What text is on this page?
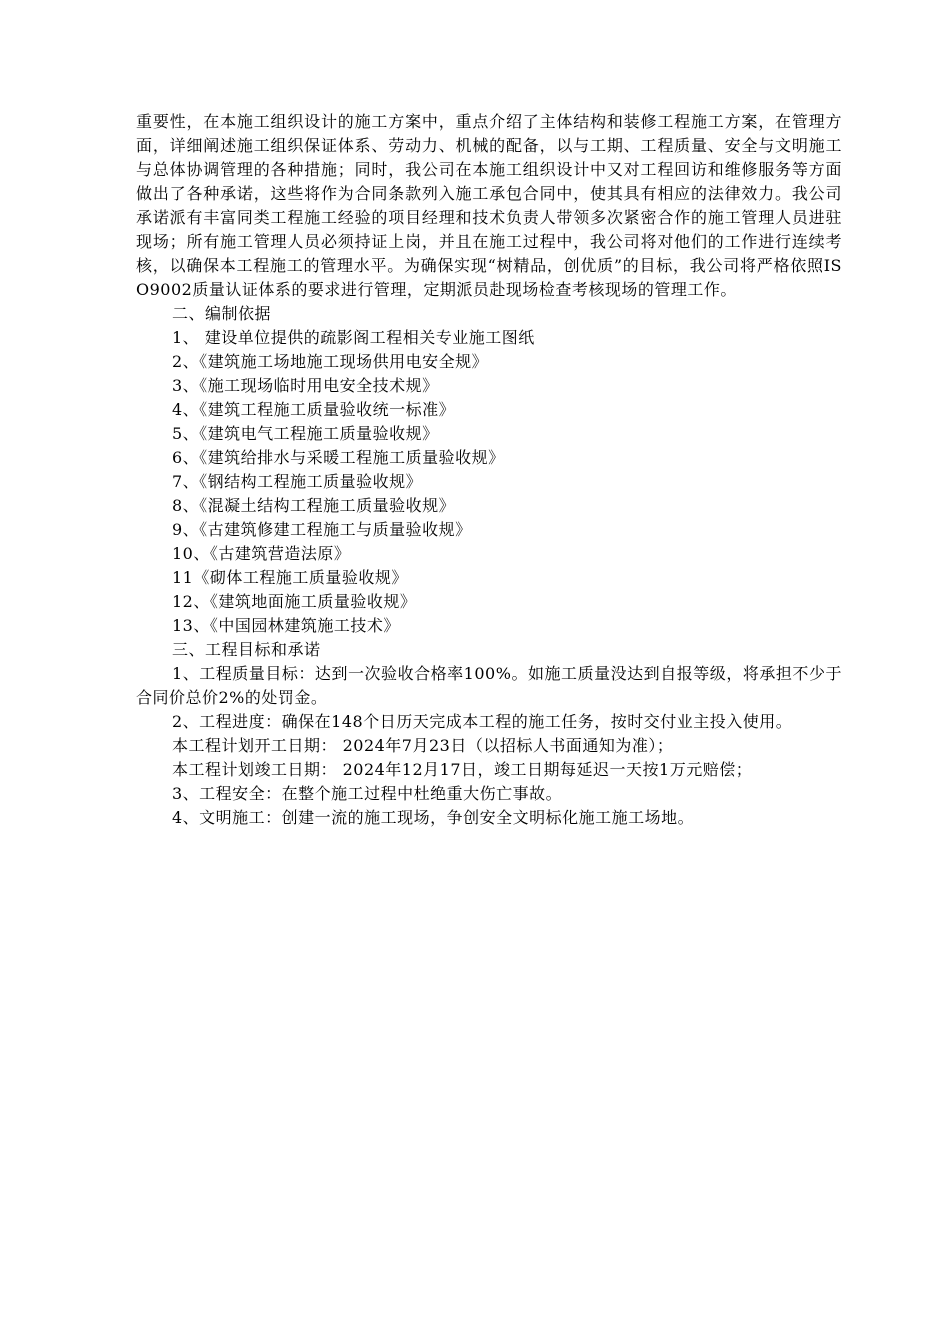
重要性，在本施工组织设计的施工方案中，重点介绍了主体结构和装修工程施工方案，在管理方面，详细阐述施工组织保证体系、劳动力、机械的配备，以与工期、工程质量、安全与文明施工与总体协调管理的各种措施；同时，我公司在本施工组织设计中又对工程回访和维修服务等方面做出了各种承诺，这些将作为合同条款列入施工承包合同中，使其具有相应的法律效力。我公司承诺派有丰富同类工程施工经验的项目经理和技术负责人带领多次紧密合作的施工管理人员进驻现场；所有施工管理人员必须持证上岗，并且在施工过程中，我公司将对他们的工作进行连续考核，以确保本工程施工的管理水平。为确保实现“树精品，创优质”的目标，我公司将严格依照ISO9002质量认证体系的要求进行管理，定期派员赴现场检查考核现场的管理工作。

二、编制依据

1、 建设单位提供的疏影阁工程相关专业施工图纸

2、《建筑施工场地施工现场供用电安全规》

3、《施工现场临时用电安全技术规》

4、《建筑工程施工质量验收统一标准》

5、《建筑电气工程施工质量验收规》

6、《建筑给排水与采暖工程施工质量验收规》

7、《钢结构工程施工质量验收规》

8、《混凝土结构工程施工质量验收规》

9、《古建筑修建工程施工与质量验收规》

10、《古建筑营造法原》

11《砌体工程施工质量验收规》

12、《建筑地面施工质量验收规》

13、《中国园林建筑施工技术》

三、工程目标和承诺

1、工程质量目标：达到一次验收合格率100%。如施工质量没达到自报等级，将承担不少于合同价总价2%的处罚金。

2、工程进度：确保在148个日历天完成本工程的施工任务，按时交付业主投入使用。

本工程计划开工日期： 2024年7月23日（以招标人书面通知为准）；

本工程计划竣工日期： 2024年12月17日，竣工日期每延迟一天按1万元赔偿；

3、工程安全：在整个施工过程中杜绝重大伤亡事故。

4、文明施工：创建一流的施工现场，争创安全文明标化施工施工场地。
